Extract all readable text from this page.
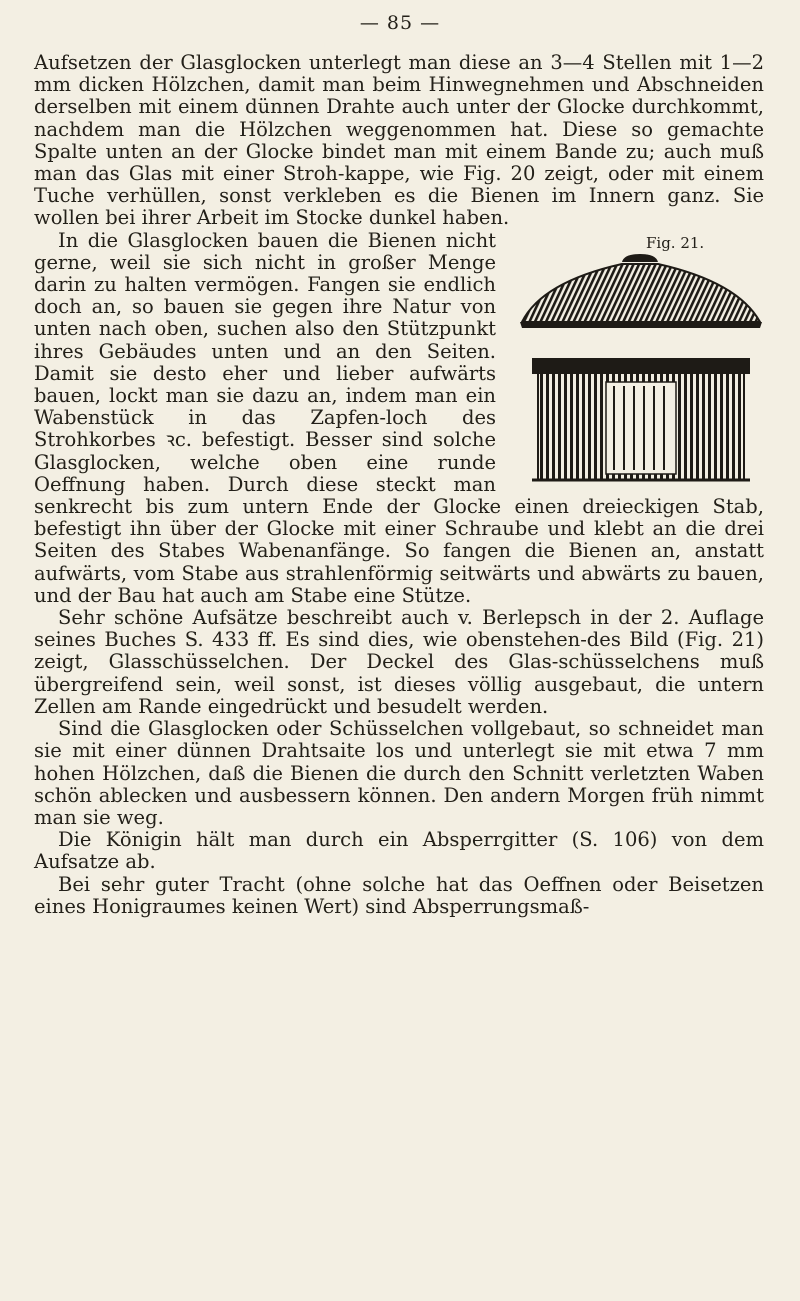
— 85 —

Aufsetzen der Glasglocken unterlegt man diese an 3—4 Stellen mit 1—2 mm dicken Hölzchen, damit man beim Hinwegnehmen und Abschneiden derselben mit einem dünnen Drahte auch unter der Glocke durchkommt, nachdem man die Hölzchen weggenommen hat. Diese so gemachte Spalte unten an der Glocke bindet man mit einem Bande zu; auch muß man das Glas mit einer Stroh-kappe, wie Fig. 20 zeigt, oder mit einem Tuche verhüllen, sonst verkleben es die Bienen im Innern ganz. Sie wollen bei ihrer Arbeit im Stocke dunkel haben.

Fig. 21.
In die Glasglocken bauen die Bienen nicht gerne, weil sie sich nicht in großer Menge darin zu halten vermögen. Fangen sie endlich doch an, so bauen sie gegen ihre Natur von unten nach oben, suchen also den Stützpunkt ihres Gebäudes unten und an den Seiten. Damit sie desto eher und lieber aufwärts bauen, lockt man sie dazu an, indem man ein Wabenstück in das Zapfen-loch des Strohkorbes ꝛc. befestigt. Besser sind solche Glasglocken, welche oben eine runde Oeffnung haben. Durch diese steckt man senkrecht bis zum untern Ende der Glocke einen dreieckigen Stab, befestigt ihn über der Glocke mit einer Schraube und klebt an die drei Seiten des Stabes Wabenanfänge. So fangen die Bienen an, anstatt aufwärts, vom Stabe aus strahlenförmig seitwärts und abwärts zu bauen, und der Bau hat auch am Stabe eine Stütze.

Sehr schöne Aufsätze beschreibt auch v. Berlepsch in der 2. Auflage seines Buches S. 433 ff. Es sind dies, wie obenstehen-des Bild (Fig. 21) zeigt, Glasschüsselchen. Der Deckel des Glas-schüsselchens muß übergreifend sein, weil sonst, ist dieses völlig ausgebaut, die untern Zellen am Rande eingedrückt und besudelt werden.

Sind die Glasglocken oder Schüsselchen vollgebaut, so schneidet man sie mit einer dünnen Drahtsaite los und unterlegt sie mit etwa 7 mm hohen Hölzchen, daß die Bienen die durch den Schnitt verletzten Waben schön ablecken und ausbessern können. Den andern Morgen früh nimmt man sie weg.

Die Königin hält man durch ein Absperrgitter (S. 106) von dem Aufsatze ab.

Bei sehr guter Tracht (ohne solche hat das Oeffnen oder Beisetzen eines Honigraumes keinen Wert) sind Absperrungsmaß-
